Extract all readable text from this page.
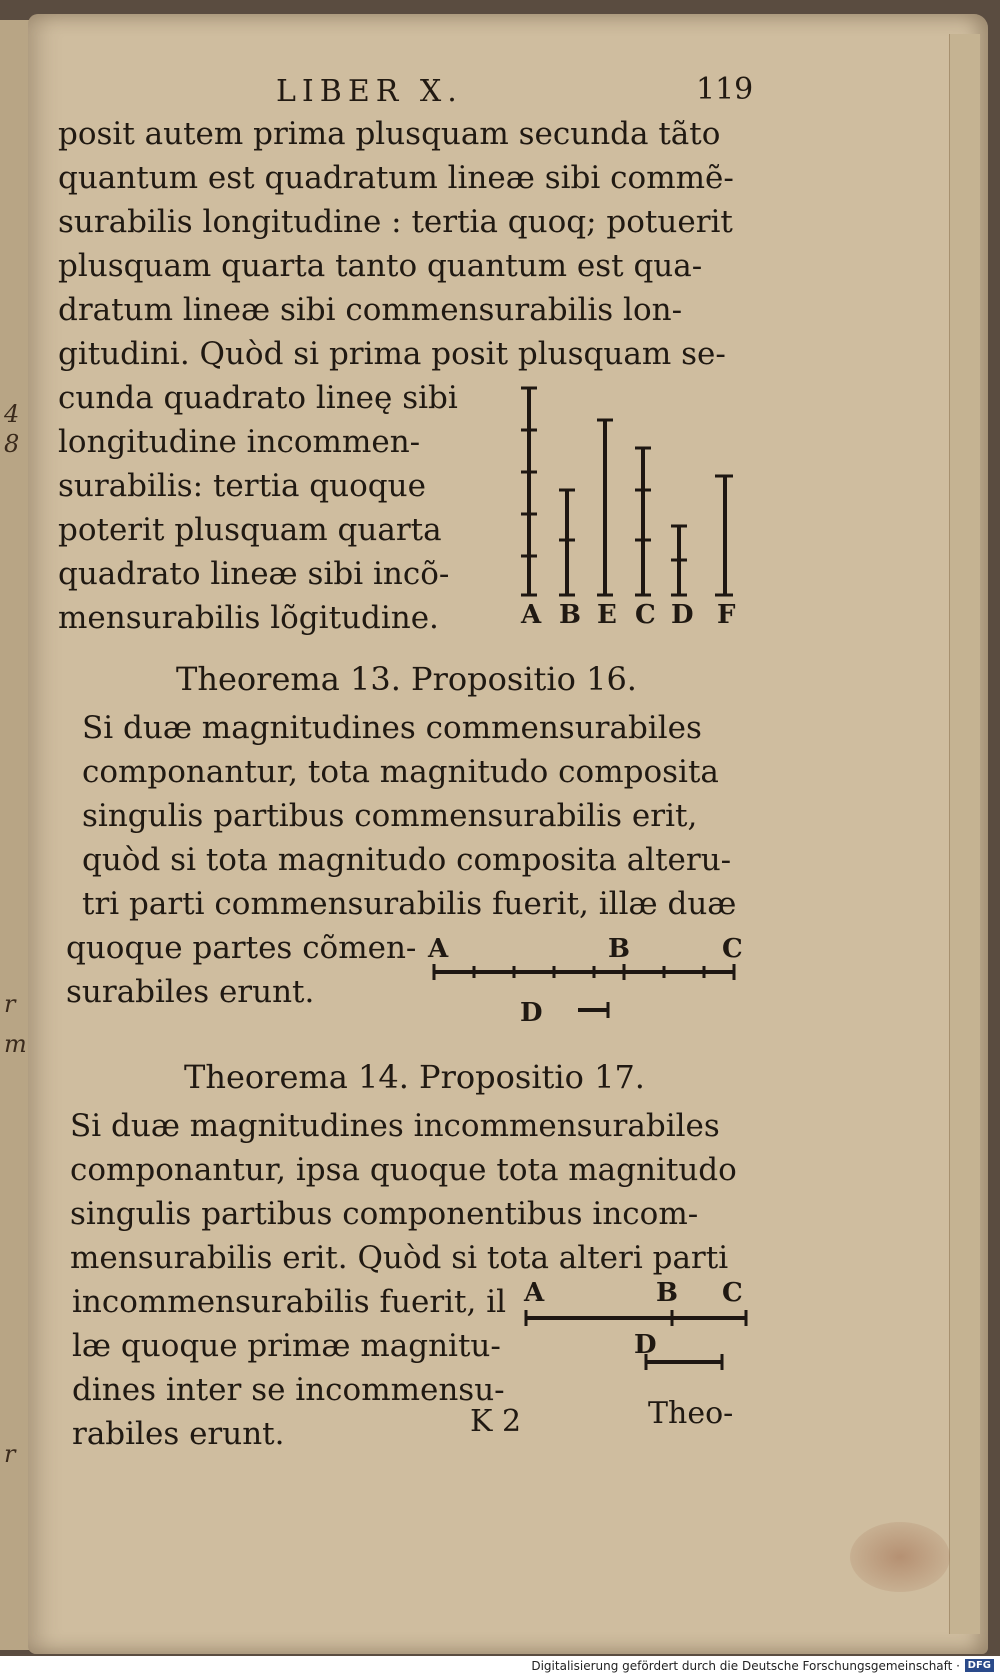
4
8
r
m
r
LIBER X.	119
posit autem prima plusquam secunda tãto
quantum est quadratum lineæ sibi commẽ-
surabilis longitudine : tertia quoq; potuerit
plusquam quarta tanto quantum est qua-
dratum lineæ sibi commensurabilis lon-
gitudini. Quòd si prima posit plusquam se-
cunda quadrato lineę sibi
longitudine incommen-
surabilis: tertia quoque
poterit plusquam quarta
quadrato lineæ sibi incõ-
mensurabilis lõgitudine.	A B E C D F
Theorema 13. Propositio 16.
Si duæ magnitudines commensurabiles
componantur, tota magnitudo composita
singulis partibus commensurabilis erit,
quòd si tota magnitudo composita alteru-
tri parti commensurabilis fuerit, illæ duæ
quoque partes cõmen-
surabiles erunt.
A	B	C
D
Theorema 14. Propositio 17.
Si duæ magnitudines incommensurabiles
componantur, ipsa quoque tota magnitudo
singulis partibus componentibus incom-
mensurabilis erit. Quòd si tota alteri parti
incommensurabilis fuerit, il
læ quoque primæ magnitu-
dines inter se incommensu-
rabiles erunt.
A	B C
D
K 2	Theo-
Digitalisierung gefördert durch die Deutsche Forschungsgemeinschaft · DFG
